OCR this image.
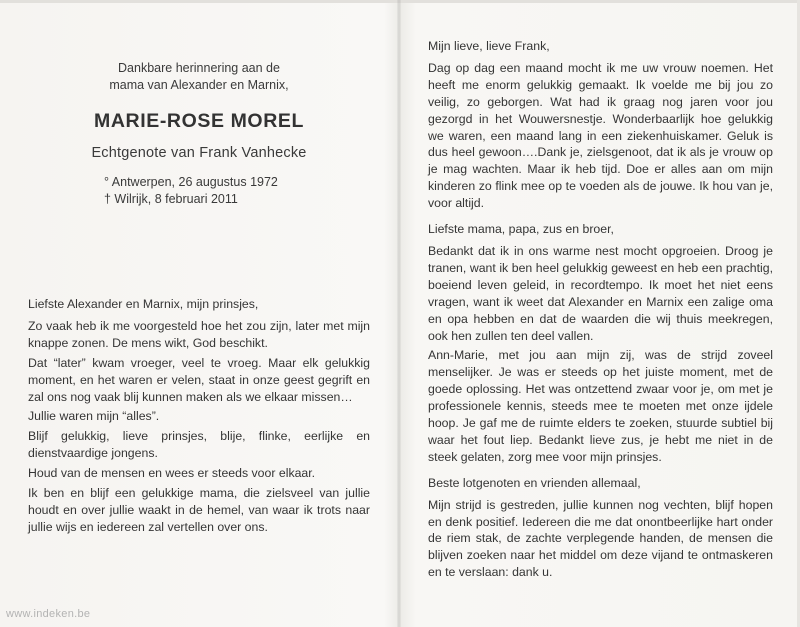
Dankbare herinnering aan de
mama van Alexander en Marnix,
MARIE-ROSE MOREL
Echtgenote van Frank Vanhecke
° Antwerpen, 26 augustus 1972
† Wilrijk, 8 februari 2011

Liefste Alexander en Marnix, mijn prinsjes,

Zo vaak heb ik me voorgesteld hoe het zou zijn, later met mijn knappe zonen. De mens wikt, God beschikt.

Dat “later” kwam vroeger, veel te vroeg. Maar elk gelukkig moment, en het waren er velen, staat in onze geest gegrift en zal ons nog vaak blij kunnen maken als we elkaar missen…

Jullie waren mijn “alles”.

Blijf gelukkig, lieve prinsjes, blije, flinke, eerlijke en dienstvaardige jongens.

Houd van de mensen en wees er steeds voor elkaar.

Ik ben en blijf een gelukkige mama, die zielsveel van jullie houdt en over jullie waakt in de hemel, van waar ik trots naar jullie wijs en iedereen zal vertellen over ons.

Mijn lieve, lieve Frank,

Dag op dag een maand mocht ik me uw vrouw noemen. Het heeft me enorm gelukkig gemaakt. Ik voelde me bij jou zo veilig, zo geborgen. Wat had ik graag nog jaren voor jou gezorgd in het Wouwersnestje. Wonderbaarlijk hoe gelukkig we waren, een maand lang in een ziekenhuiskamer. Geluk is dus heel gewoon….Dank je, zielsgenoot, dat ik als je vrouw op je mag wachten. Maar ik heb tijd. Doe er alles aan om mijn kinderen zo flink mee op te voeden als de jouwe. Ik hou van je, voor altijd.

Liefste mama, papa, zus en broer,

Bedankt dat ik in ons warme nest mocht opgroeien. Droog je tranen, want ik ben heel gelukkig geweest en heb een prachtig, boeiend leven geleid, in recordtempo. Ik moet het niet eens vragen, want ik weet dat Alexander en Marnix een zalige oma en opa hebben en dat de waarden die wij thuis meekregen, ook hen zullen ten deel vallen.

Ann-Marie, met jou aan mijn zij, was de strijd zoveel menselijker. Je was er steeds op het juiste moment, met de goede oplossing. Het was ontzettend zwaar voor je, om met je professionele kennis, steeds mee te moeten met onze ijdele hoop. Je gaf me de ruimte elders te zoeken, stuurde subtiel bij waar het fout liep. Bedankt lieve zus, je hebt me niet in de steek gelaten, zorg mee voor mijn prinsjes.

Beste lotgenoten en vrienden allemaal,

Mijn strijd is gestreden, jullie kunnen nog vechten, blijf hopen en denk positief. Iedereen die me dat onontbeerlijke hart onder de riem stak, de zachte verplegende handen, de mensen die blijven zoeken naar het middel om deze vijand te ontmaskeren en te verslaan: dank u.

www.indeken.be
